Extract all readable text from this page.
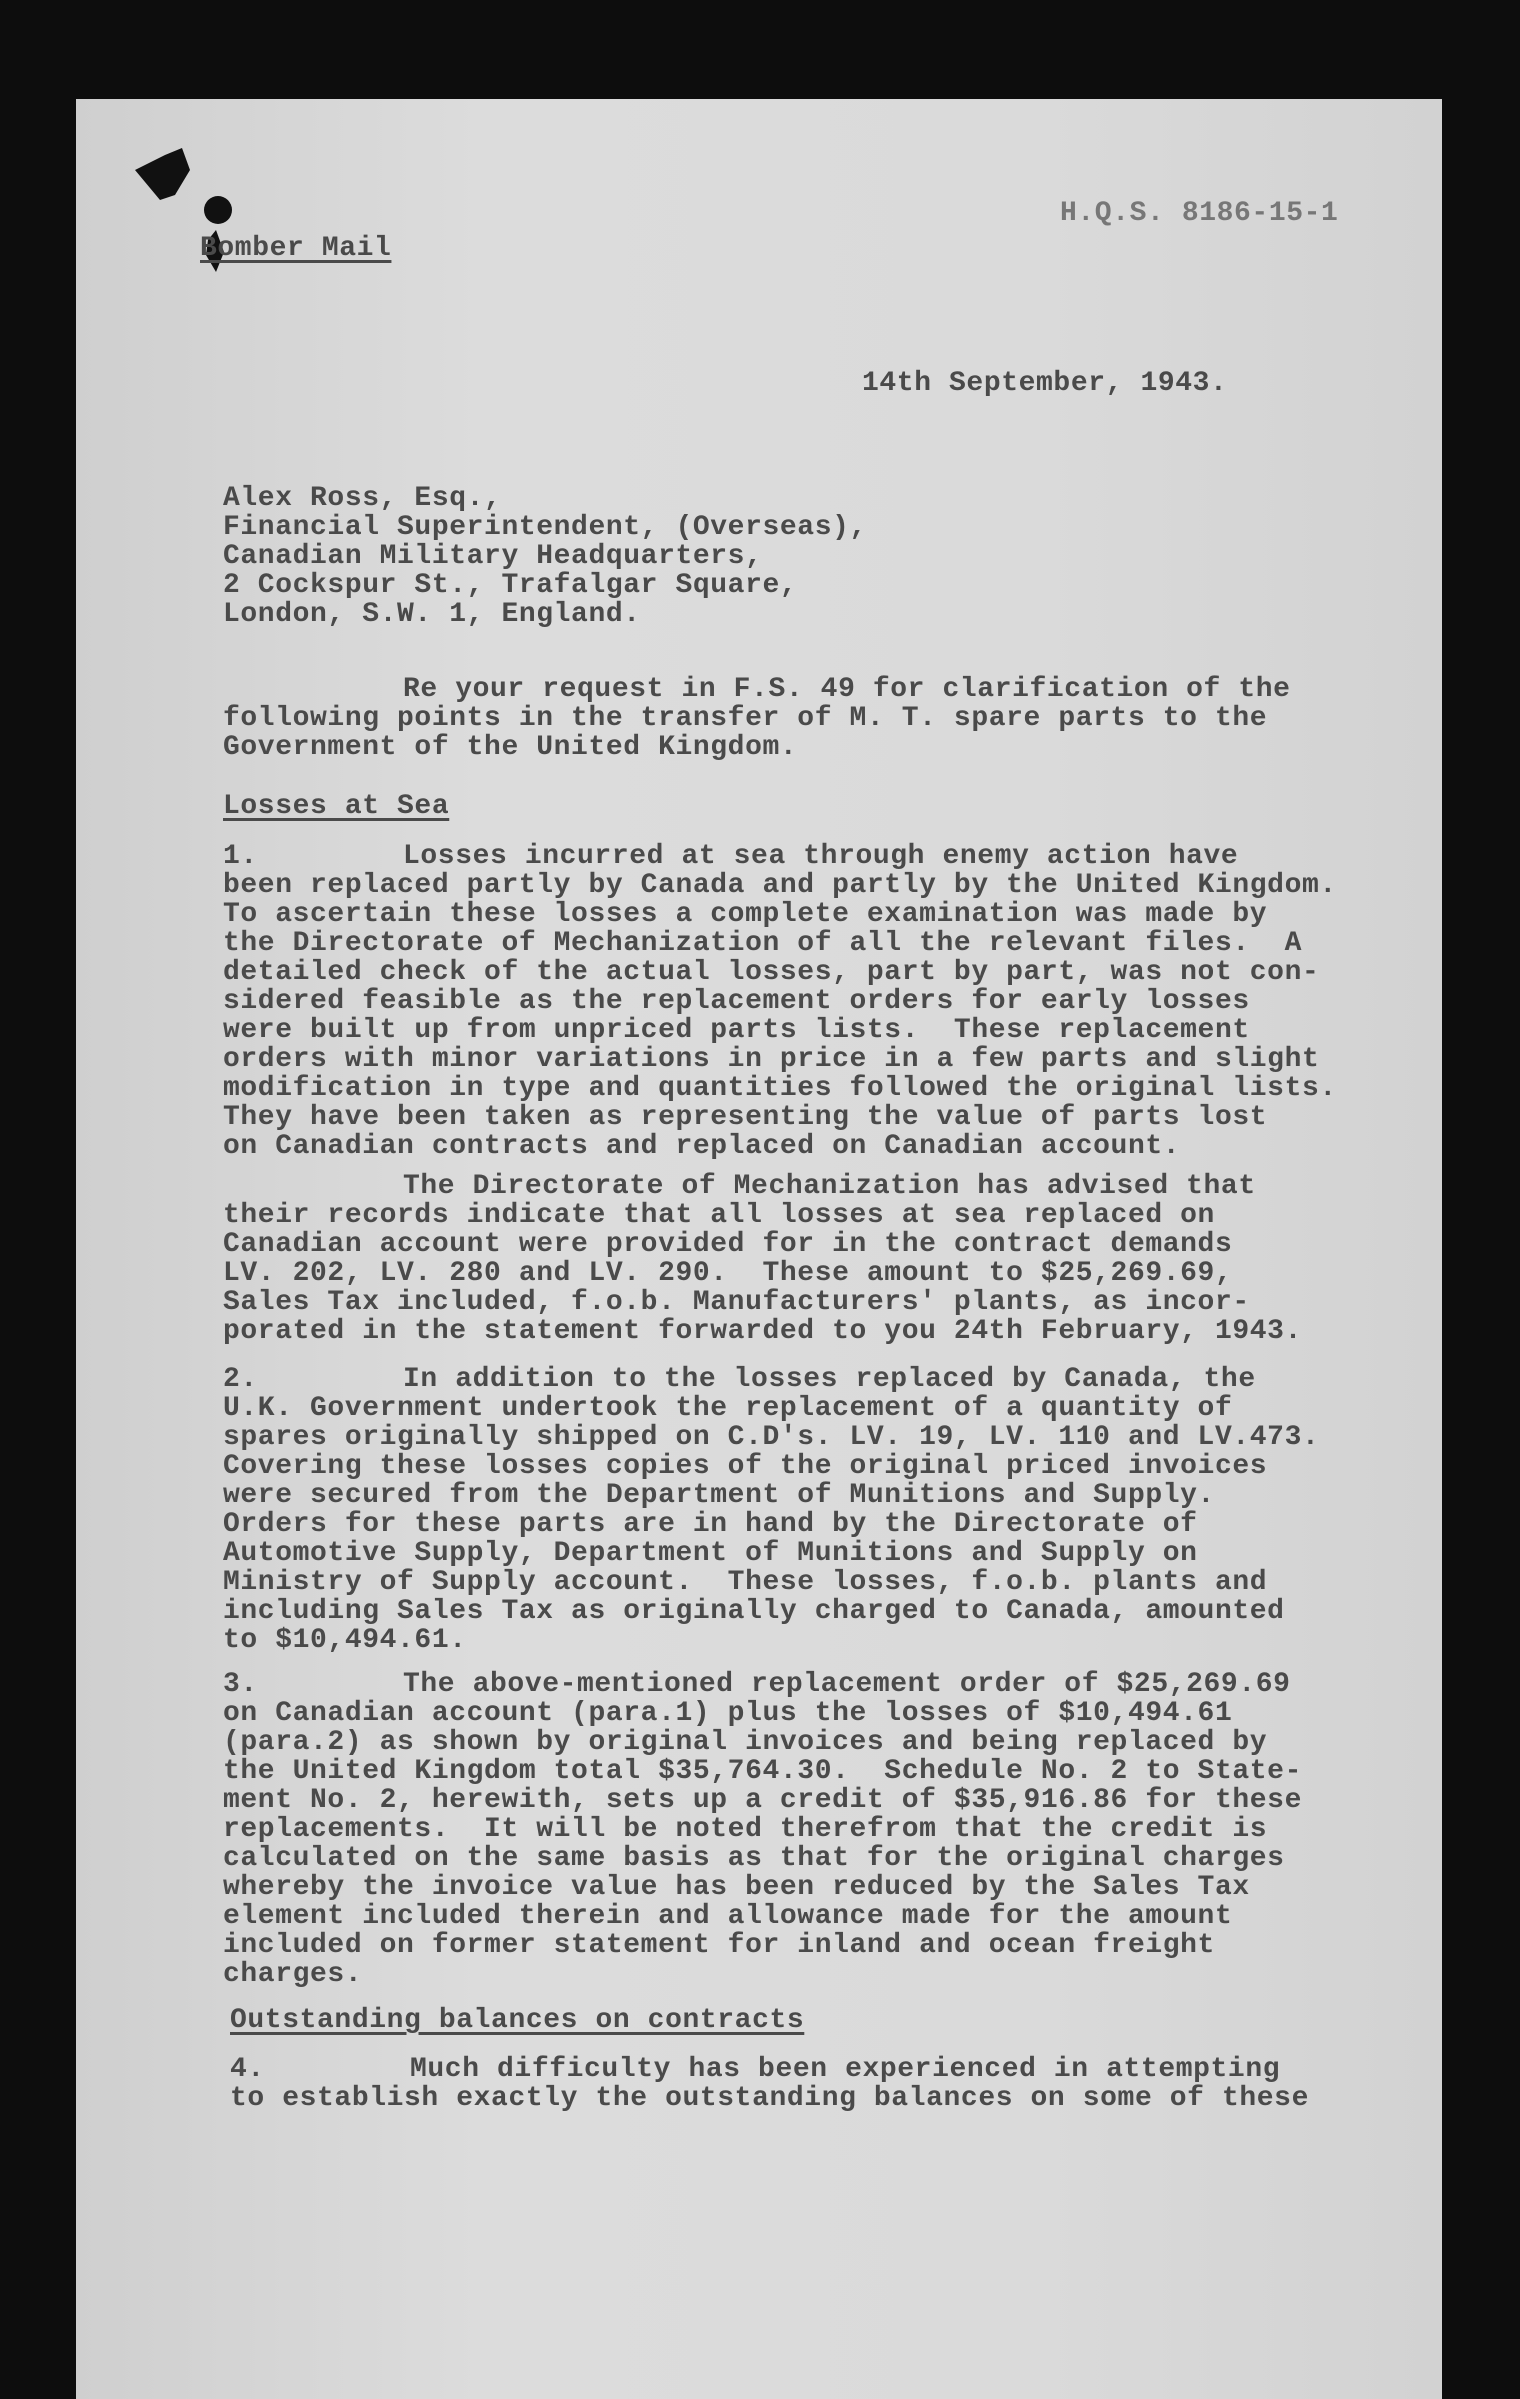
H.Q.S. 8186-15-1
Bomber Mail
14th September, 1943.
Alex Ross, Esq.,
Financial Superintendent, (Overseas),
Canadian Military Headquarters,
2 Cockspur St., Trafalgar Square,
London, S.W. 1, England.
Re your request in F.S. 49 for clarification of the
following points in the transfer of M. T. spare parts to the
Government of the United Kingdom.
Losses at Sea
1.	Losses incurred at sea through enemy action have
been replaced partly by Canada and partly by the United Kingdom.
To ascertain these losses a complete examination was made by
the Directorate of Mechanization of all the relevant files.  A
detailed check of the actual losses, part by part, was not con-
sidered feasible as the replacement orders for early losses
were built up from unpriced parts lists.  These replacement
orders with minor variations in price in a few parts and slight
modification in type and quantities followed the original lists.
They have been taken as representing the value of parts lost
on Canadian contracts and replaced on Canadian account.
The Directorate of Mechanization has advised that
their records indicate that all losses at sea replaced on
Canadian account were provided for in the contract demands
LV. 202, LV. 280 and LV. 290.  These amount to $25,269.69,
Sales Tax included, f.o.b. Manufacturers' plants, as incor-
porated in the statement forwarded to you 24th February, 1943.
2.	In addition to the losses replaced by Canada, the
U.K. Government undertook the replacement of a quantity of
spares originally shipped on C.D's. LV. 19, LV. 110 and LV.473.
Covering these losses copies of the original priced invoices
were secured from the Department of Munitions and Supply.
Orders for these parts are in hand by the Directorate of
Automotive Supply, Department of Munitions and Supply on
Ministry of Supply account.  These losses, f.o.b. plants and
including Sales Tax as originally charged to Canada, amounted
to $10,494.61.
3.	The above-mentioned replacement order of $25,269.69
on Canadian account (para.1) plus the losses of $10,494.61
(para.2) as shown by original invoices and being replaced by
the United Kingdom total $35,764.30.  Schedule No. 2 to State-
ment No. 2, herewith, sets up a credit of $35,916.86 for these
replacements.  It will be noted therefrom that the credit is
calculated on the same basis as that for the original charges
whereby the invoice value has been reduced by the Sales Tax
element included therein and allowance made for the amount
included on former statement for inland and ocean freight
charges.
Outstanding balances on contracts
4.	Much difficulty has been experienced in attempting
to establish exactly the outstanding balances on some of these
